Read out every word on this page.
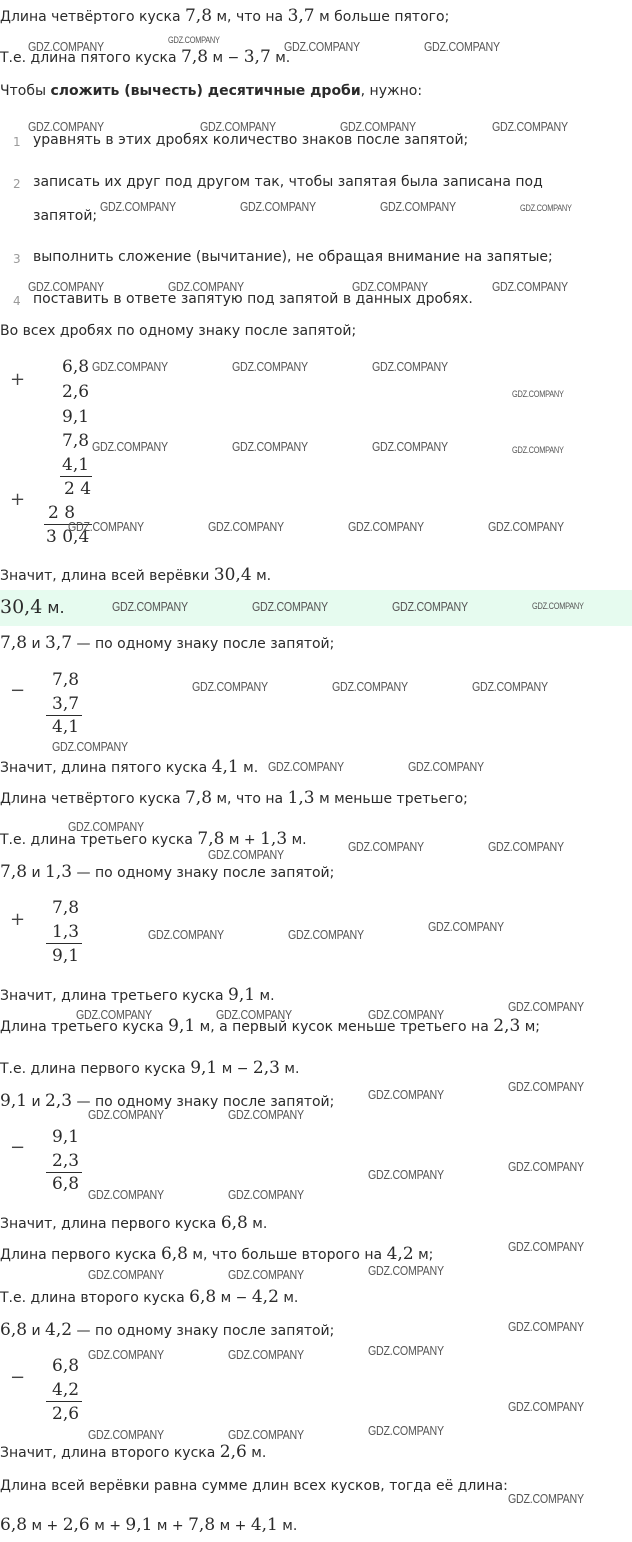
Длина четвёртого куска 7,8 м, что на 3,7 м больше пятого;
Т.е. длина пятого куска 7,8 м − 3,7 м.
Чтобы сложить (вычесть) десятичные дроби, нужно:
1 уравнять в этих дробях количество знаков после запятой;
2 записать их друг под другом так, чтобы запятая была записана под
запятой;
3 выполнить сложение (вычитание), не обращая внимание на запятые;
4 поставить в ответе запятую под запятой в данных дробях.
Во всех дробях по одному знаку после запятой;
+
6,8
2,6
9,1
7,8
4,1
2 4
+
2 8
3 0,4
Значит, длина всей верёвки 30,4 м.
30,4 м.
7,8 и 3,7 — по одному знаку после запятой;
− 7,8
3,7
4,1
Значит, длина пятого куска 4,1 м.
Длина четвёртого куска 7,8 м, что на 1,3 м меньше третьего;
Т.е. длина третьего куска 7,8 м + 1,3 м.
7,8 и 1,3 — по одному знаку после запятой;
+
7,8
1,3
9,1
Значит, длина третьего куска 9,1 м.
Длина третьего куска 9,1 м, а первый кусок меньше третьего на 2,3 м;
Т.е. длина первого куска 9,1 м − 2,3 м.
9,1 и 2,3 — по одному знаку после запятой;
− 9,1
2,3
6,8
Значит, длина первого куска 6,8 м.
Длина первого куска 6,8 м, что больше второго на 4,2 м;
Т.е. длина второго куска 6,8 м − 4,2 м.
6,8 и 4,2 — по одному знаку после запятой;
−
6,8
4,2
2,6
Значит, длина второго куска 2,6 м.
Длина всей верёвки равна сумме длин всех кусков, тогда её длина:
6,8 м + 2,6 м + 9,1 м + 7,8 м + 4,1 м.
GDZ.COMPANY	GDZ.COMPANY	GDZ.COMPANY	GDZ.COMPANY
GDZ.COMPANY	GDZ.COMPANY	GDZ.COMPANY	GDZ.COMPANY
GDZ.COMPANY	GDZ.COMPANY	GDZ.COMPANY	GDZ.COMPANY
GDZ.COMPANY	GDZ.COMPANY	GDZ.COMPANY	GDZ.COMPANY
GDZ.COMPANY	GDZ.COMPANY	GDZ.COMPANY
GDZ.COMPANY
GDZ.COMPANY	GDZ.COMPANY	GDZ.COMPANY	GDZ.COMPANY
GDZ.COMPANY	GDZ.COMPANY	GDZ.COMPANY	GDZ.COMPANY
GDZ.COMPANY	GDZ.COMPANY	GDZ.COMPANY	GDZ.COMPANY
GDZ.COMPANY	GDZ.COMPANY	GDZ.COMPANY
GDZ.COMPANY
GDZ.COMPANY	GDZ.COMPANY
GDZ.COMPANY
GDZ.COMPANY
GDZ.COMPANY	GDZ.COMPANY
GDZ.COMPANY	GDZ.COMPANY
GDZ.COMPANY
GDZ.COMPANY
GDZ.COMPANY	GDZ.COMPANY	GDZ.COMPANY
GDZ.COMPANY
GDZ.COMPANY
GDZ.COMPANY	GDZ.COMPANY
GDZ.COMPANY
GDZ.COMPANY
GDZ.COMPANY	GDZ.COMPANY
GDZ.COMPANY
GDZ.COMPANY
GDZ.COMPANY	GDZ.COMPANY
GDZ.COMPANY
GDZ.COMPANY
GDZ.COMPANY	GDZ.COMPANY
GDZ.COMPANY
GDZ.COMPANY
GDZ.COMPANY	GDZ.COMPANY
GDZ.COMPANY
